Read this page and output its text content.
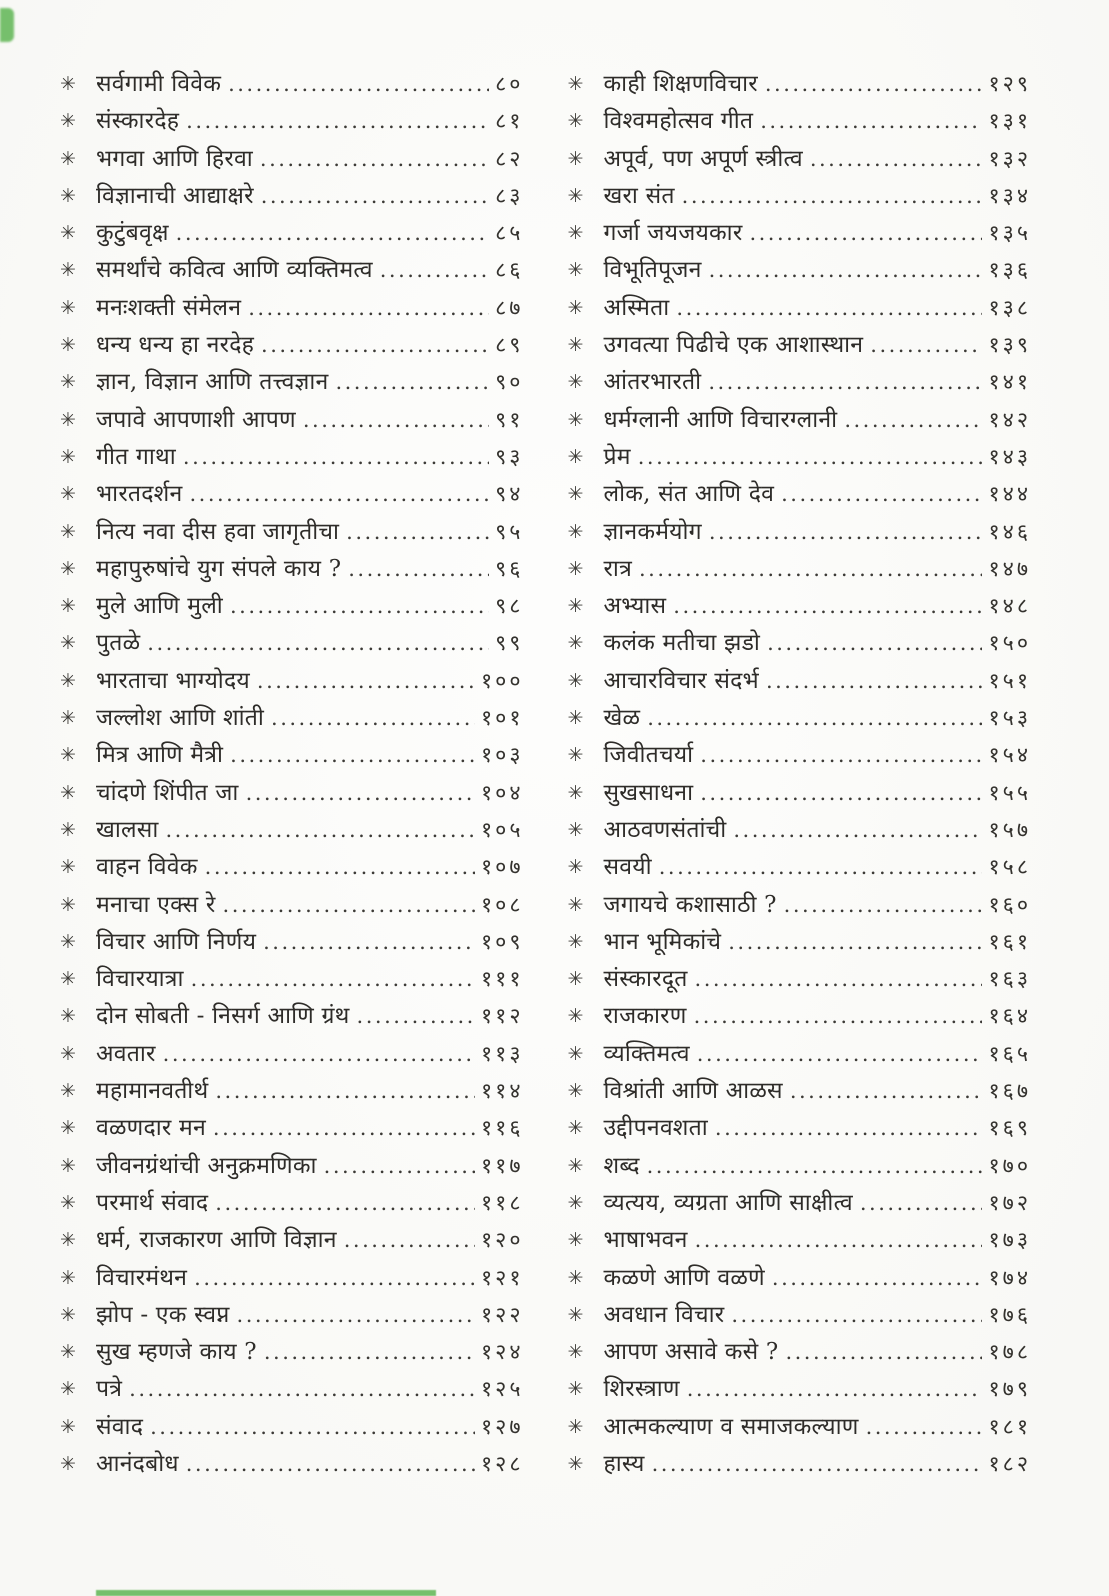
✳ सर्वगामी विवेक .....	८०
✳ संस्कारदेह .....	८१
✳ भगवा आणि हिरवा .....	८२
✳ विज्ञानाची आद्याक्षरे .....	८३
✳ कुटुंबवृक्ष .....	८५
✳ समर्थांचे कवित्व आणि व्यक्तिमत्व .....	८६
✳ मनःशक्ती संमेलन .....	८७
✳ धन्य धन्य हा नरदेह .....	८९
✳ ज्ञान, विज्ञान आणि तत्त्वज्ञान .....	९०
✳ जपावे आपणाशी आपण .....	९१
✳ गीत गाथा .....	९३
✳ भारतदर्शन .....	९४
✳ नित्य नवा दीस हवा जागृतीचा .....	९५
✳ महापुरुषांचे युग संपले काय ? .....	९६
✳ मुले आणि मुली .....	९८
✳ पुतळे .....	९९
✳ भारताचा भाग्योदय .....	१००
✳ जल्लोश आणि शांती .....	१०१
✳ मित्र आणि मैत्री .....	१०३
✳ चांदणे शिंपीत जा .....	१०४
✳ खालसा .....	१०५
✳ वाहन विवेक .....	१०७
✳ मनाचा एक्स रे .....	१०८
✳ विचार आणि निर्णय .....	१०९
✳ विचारयात्रा .....	१११
✳ दोन सोबती - निसर्ग आणि ग्रंथ .....	११२
✳ अवतार .....	११३
✳ महामानवतीर्थ .....	११४
✳ वळणदार मन .....	११६
✳ जीवनग्रंथांची अनुक्रमणिका .....	११७
✳ परमार्थ संवाद .....	११८
✳ धर्म, राजकारण आणि विज्ञान .....	१२०
✳ विचारमंथन .....	१२१
✳ झोप - एक स्वप्न .....	१२२
✳ सुख म्हणजे काय ? .....	१२४
✳ पत्रे .....	१२५
✳ संवाद .....	१२७
✳ आनंदबोध .....	१२८
✳ काही शिक्षणविचार .....	१२९
✳ विश्वमहोत्सव गीत .....	१३१
✳ अपूर्व, पण अपूर्ण स्त्रीत्व .....	१३२
✳ खरा संत .....	१३४
✳ गर्जा जयजयकार .....	१३५
✳ विभूतिपूजन .....	१३६
✳ अस्मिता .....	१३८
✳ उगवत्या पिढीचे एक आशास्थान .....	१३९
✳ आंतरभारती .....	१४१
✳ धर्मग्लानी आणि विचारग्लानी .....	१४२
✳ प्रेम .....	१४३
✳ लोक, संत आणि देव .....	१४४
✳ ज्ञानकर्मयोग .....	१४६
✳ रात्र .....	१४७
✳ अभ्यास .....	१४८
✳ कलंक मतीचा झडो .....	१५०
✳ आचारविचार संदर्भ .....	१५१
✳ खेळ .....	१५३
✳ जिवीतचर्या .....	१५४
✳ सुखसाधना .....	१५५
✳ आठवणसंतांची .....	१५७
✳ सवयी .....	१५८
✳ जगायचे कशासाठी ? .....	१६०
✳ भान भूमिकांचे .....	१६१
✳ संस्कारदूत .....	१६३
✳ राजकारण .....	१६४
✳ व्यक्तिमत्व .....	१६५
✳ विश्रांती आणि आळस .....	१६७
✳ उद्दीपनवशता .....	१६९
✳ शब्द .....	१७०
✳ व्यत्यय, व्यग्रता आणि साक्षीत्व .....	१७२
✳ भाषाभवन .....	१७३
✳ कळणे आणि वळणे .....	१७४
✳ अवधान विचार .....	१७६
✳ आपण असावे कसे ? .....	१७८
✳ शिरस्त्राण .....	१७९
✳ आत्मकल्याण व समाजकल्याण .....	१८१
✳ हास्य .....	१८२
